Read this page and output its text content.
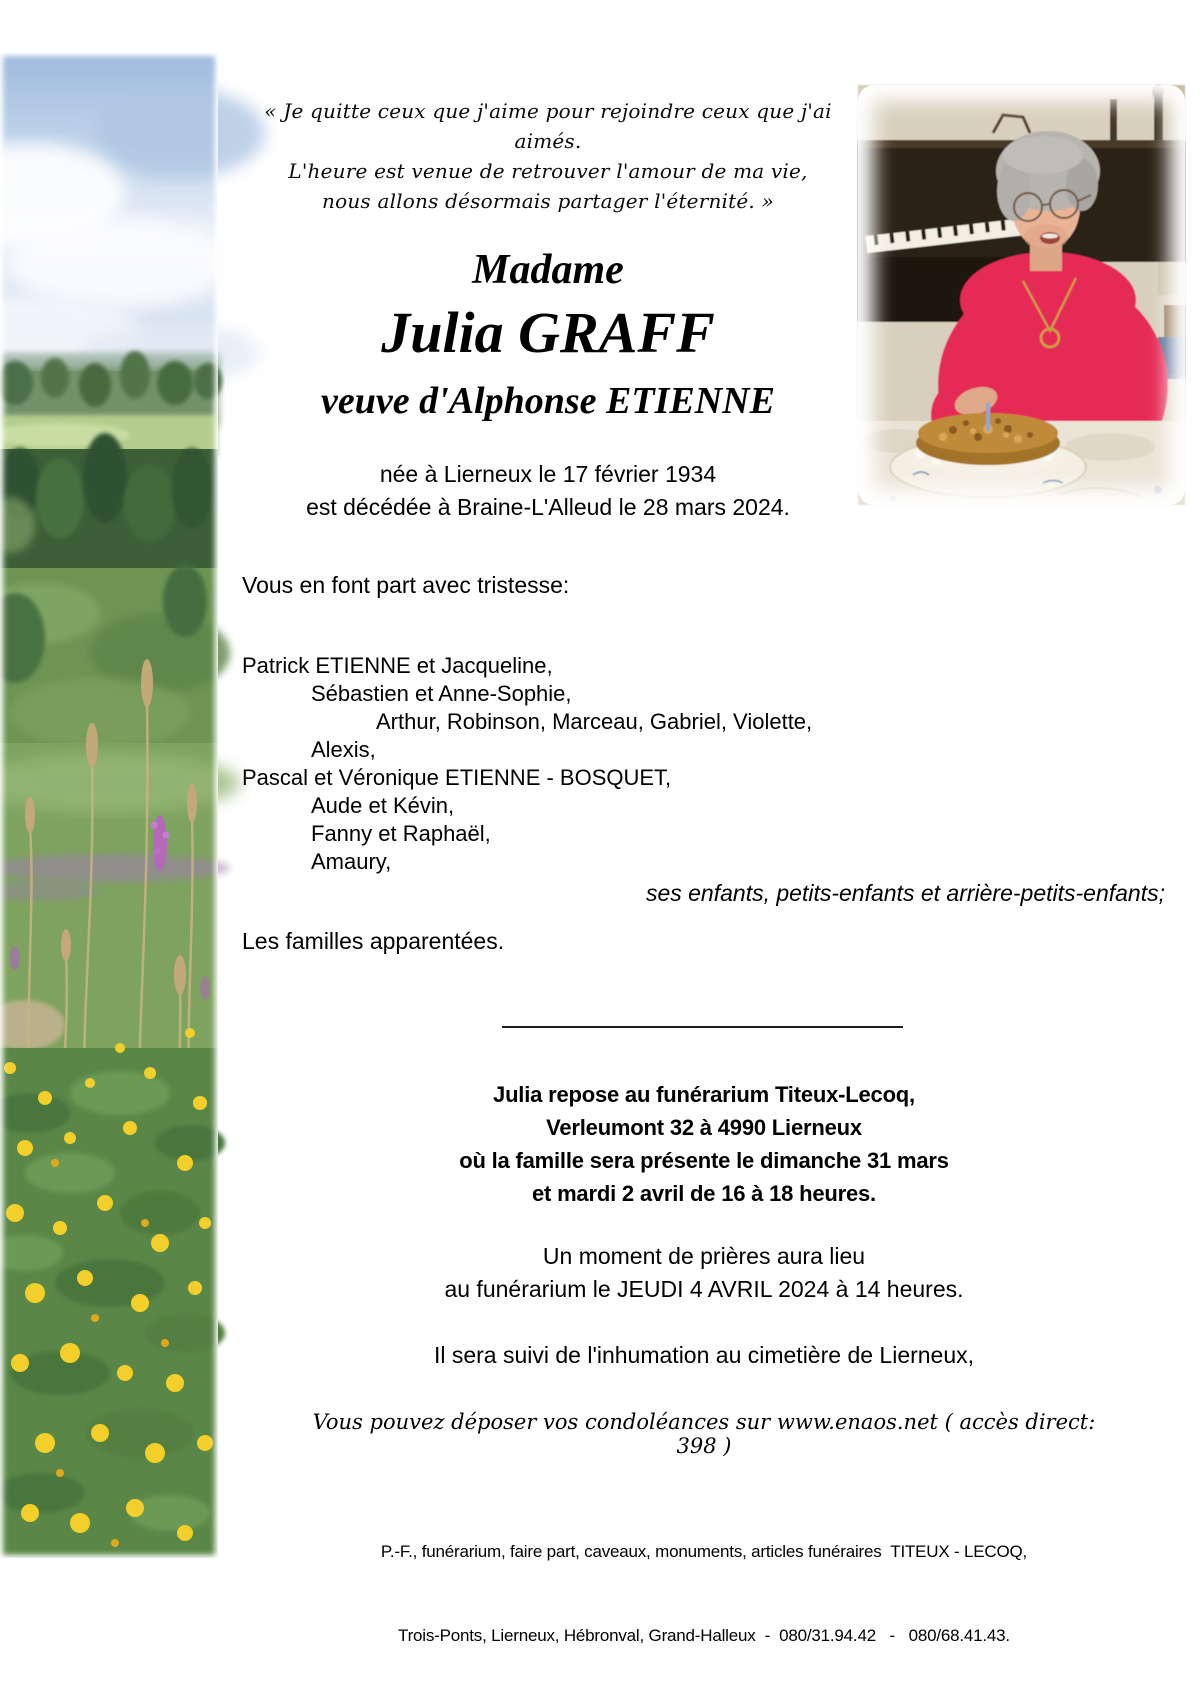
« Je quitte ceux que j'aime pour rejoindre ceux que j'ai aimés.
L'heure est venue de retrouver l'amour de ma vie,
nous allons désormais partager l'éternité. »
Madame
Julia GRAFF
veuve d'Alphonse ETIENNE
née à Lierneux le 17 février 1934
est décédée à Braine-L'Alleud le 28 mars 2024.
Vous en font part avec tristesse:
Patrick ETIENNE et Jacqueline,
Sébastien et Anne-Sophie,
Arthur, Robinson, Marceau, Gabriel, Violette,
Alexis,
Pascal et Véronique ETIENNE - BOSQUET,
Aude et Kévin,
Fanny et Raphaël,
Amaury,
ses enfants, petits-enfants et arrière-petits-enfants;
Les familles apparentées.
Julia repose au funérarium Titeux-Lecoq,
Verleumont 32 à 4990 Lierneux
où la famille sera présente le dimanche 31 mars
et mardi 2 avril de 16 à 18 heures.
Un moment de prières aura lieu
au funérarium le JEUDI 4 AVRIL 2024 à 14 heures.
Il sera suivi de l'inhumation au cimetière de Lierneux,
Vous pouvez déposer vos condoléances sur www.enaos.net ( accès direct: 398 )

P.-F., funérarium, faire part, caveaux, monuments, articles funéraires  TITEUX - LECOQ,

Trois-Ponts, Lierneux, Hébronval, Grand-Halleux  -  080/31.94.42   -   080/68.41.43.
